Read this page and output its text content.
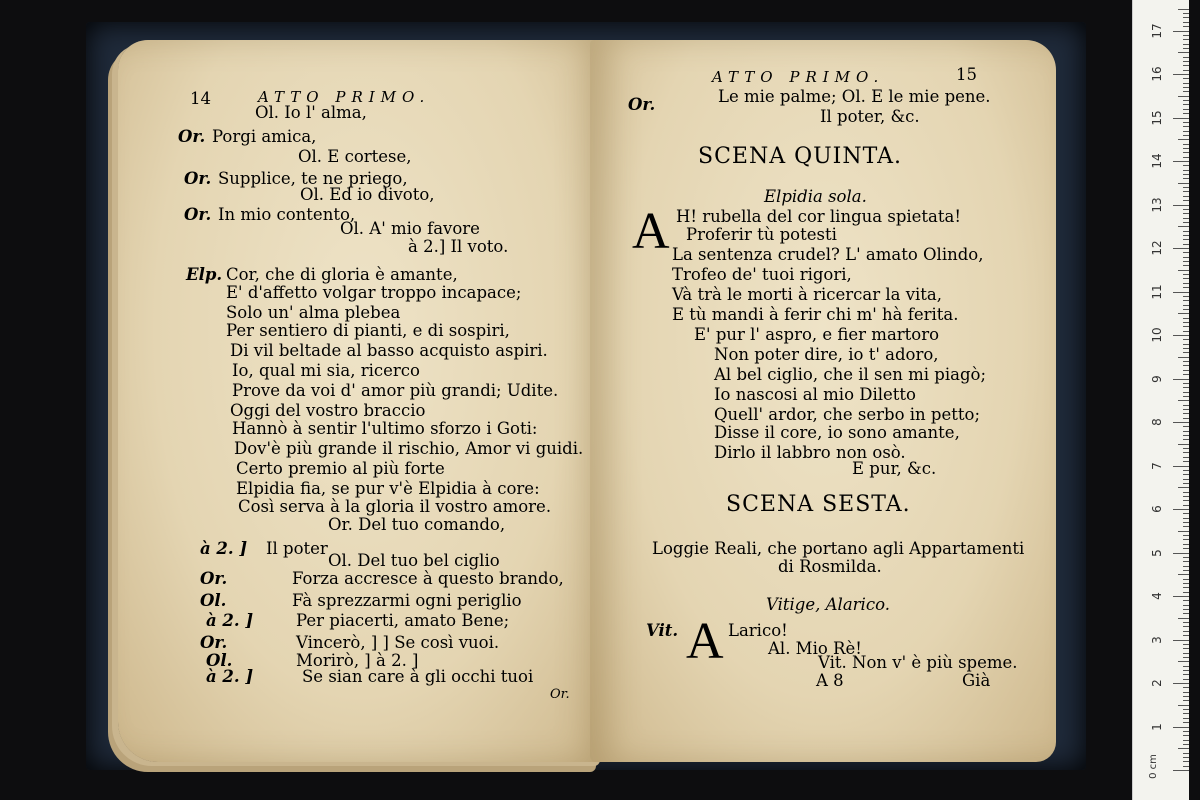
14	ATTO PRIMO.
Or.
Ol. Io l' alma,
Or. Porgi amica,
Ol. E cortese,
Or. Supplice, te ne priego,
Ol. Ed io divoto,
Or. In mio contento,
Ol. A' mio favore
à 2.] Il voto.
Elp. Cor, che di gloria è amante,
E' d'affetto volgar troppo incapace;
Solo un' alma plebea
Per sentiero di pianti, e di sospiri,
Di vil beltade al basso acquisto aspiri.
Io, qual mi sia, ricerco
Prove da voi d' amor più grandi; Udite.
Oggi del vostro braccio
Hannò à sentir l'ultimo sforzo i Goti:
Dov'è più grande il rischio, Amor vi guidi.
Certo premio al più forte
Elpidia fia, se pur v'è Elpidia à core:
Così serva à la gloria il vostro amore.
Or. Del tuo comando,
à 2. ] Il poter
Ol. Del tuo bel ciglio
Or.	Forza accresce à questo brando,
Ol.	Fà sprezzarmi ogni periglio
à 2. ]	Per piacerti, amato Bene;
Or.	Vincerò, ] ] Se così vuoi.
Ol.	Morirò, ] à 2. ]
à 2. ]	Se sian care à gli occhi tuoi
ATTO PRIMO.	15
Or.	Le mie palme; Ol. E le mie pene.
Il poter, &c.
SCENA QUINTA.
Elpidia sola.
A
SCENA SESTA.
Loggie Reali, che portano agli Appartamenti
di Rosmilda.
Vitige, Alarico.
A
A 8	Già
H! rubella del cor lingua spietata!
Proferir tù potesti
La sentenza crudel? L' amato Olindo,
Trofeo de' tuoi rigori,
Và trà le morti à ricercar la vita,
E tù mandi à ferir chi m' hà ferita.
E' pur l' aspro, e fier martoro
Non poter dire, io t' adoro,
Al bel ciglio, che il sen mi piagò;
Io nascosi al mio Diletto
Quell' ardor, che serbo in petto;
Disse il core, io sono amante,
Dirlo il labbro non osò.
E pur, &c.
Vit.	Larico!
Al. Mio Rè!
Vit. Non v' è più speme.
0 cm
1
2
3
4
5
6
7
8
9
10
11
12
13
14
15
16
17
